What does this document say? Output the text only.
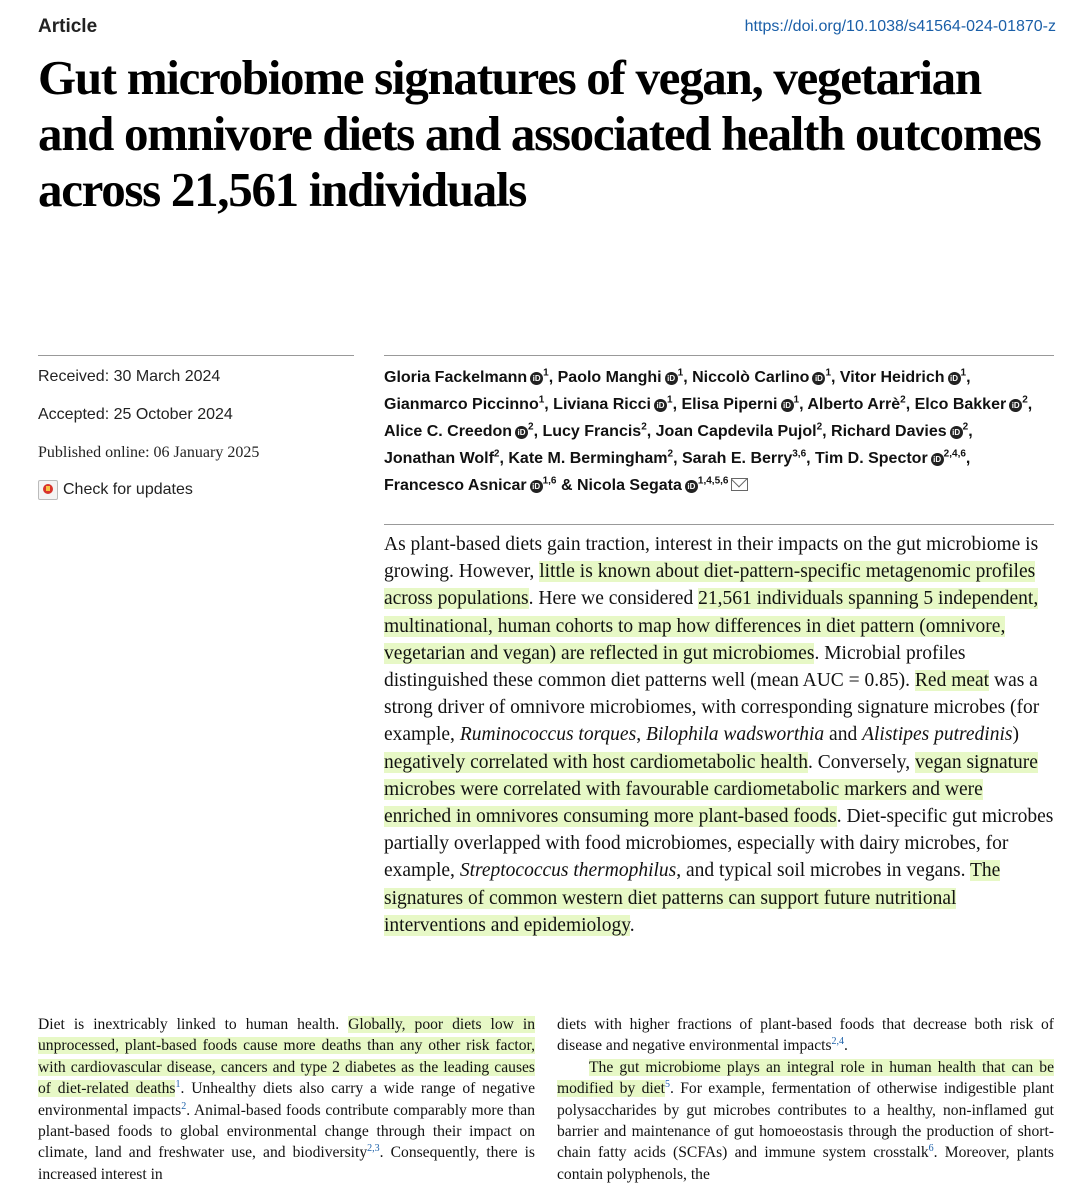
Article	https://doi.org/10.1038/s41564-024-01870-z
Gut microbiome signatures of vegan, vegetarian and omnivore diets and associated health outcomes across 21,561 individuals
Received: 30 March 2024
Accepted: 25 October 2024
Published online: 06 January 2025
Check for updates
Gloria Fackelmann iD $^1$, Paolo Manghi iD $^1$, Niccolò Carlino iD $^1$, Vitor Heidrich iD $^1$, Gianmarco Piccinno$^1$, Liviana Ricci iD $^1$, Elisa Piperni iD $^1$, Alberto Arrè$^2$, Elco Bakker iD $^2$, Alice C. Creedon iD $^2$, Lucy Francis$^2$, Joan Capdevila Pujol$^2$, Richard Davies iD $^2$, Jonathan Wolf$^2$, Kate M. Bermingham$^2$, Sarah E. Berry$^{3,6}$, Tim D. Spector iD $^{2,4,6}$, Francesco Asnicar iD $^{1,6}$ & Nicola Segata iD $^{1,4,5,6}$

As plant-based diets gain traction, interest in their impacts on the gut microbiome is growing. However, little is known about diet-pattern-specific metagenomic profiles across populations. Here we considered 21,561 individuals spanning 5 independent, multinational, human cohorts to map how differences in diet pattern (omnivore, vegetarian and vegan) are reflected in gut microbiomes. Microbial profiles distinguished these common diet patterns well (mean AUC = 0.85). Red meat was a strong driver of omnivore microbiomes, with corresponding signature microbes (for example, Ruminococcus torques, Bilophila wadsworthia and Alistipes putredinis) negatively correlated with host cardiometabolic health. Conversely, vegan signature microbes were correlated with favourable cardiometabolic markers and were enriched in omnivores consuming more plant-based foods. Diet-specific gut microbes partially overlapped with food microbiomes, especially with dairy microbes, for example, Streptococcus thermophilus, and typical soil microbes in vegans. The signatures of common western diet patterns can support future nutritional interventions and epidemiology.

Diet is inextricably linked to human health. Globally, poor diets low in unprocessed, plant-based foods cause more deaths than any other risk factor, with cardiovascular disease, cancers and type 2 diabetes as the leading causes of diet-related deaths$^1$. Unhealthy diets also carry a wide range of negative environmental impacts$^2$. Animal-based foods contribute comparably more than plant-based foods to global environmental change through their impact on climate, land and freshwater use, and biodiversity$^{2,3}$. Consequently, there is increased interest in

diets with higher fractions of plant-based foods that decrease both risk of disease and negative environmental impacts$^{2,4}$.
The gut microbiome plays an integral role in human health that can be modified by diet$^5$. For example, fermentation of otherwise indigestible plant polysaccharides by gut microbes contributes to a healthy, non-inflamed gut barrier and maintenance of gut homoeostasis through the production of short-chain fatty acids (SCFAs) and immune system crosstalk$^6$. Moreover, plants contain polyphenols, the
